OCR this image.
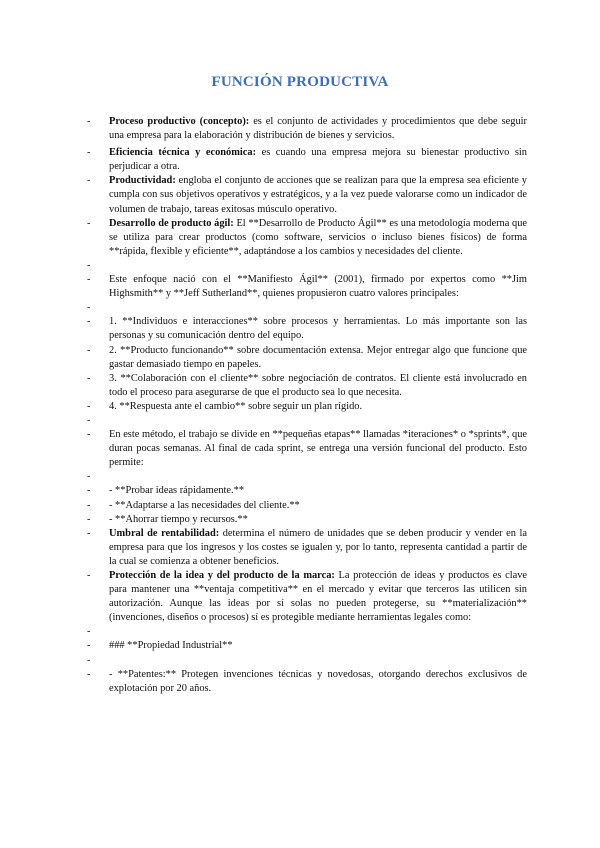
FUNCIÓN PRODUCTIVA
-	Proceso productivo (concepto): es el conjunto de actividades y procedimientos que debe seguir una empresa para la elaboración y distribución de bienes y servicios.
-	Eficiencia técnica y económica: es cuando una empresa mejora su bienestar productivo sin perjudicar a otra.
-	Productividad: engloba el conjunto de acciones que se realizan para que la empresa sea eficiente y cumpla con sus objetivos operativos y estratégicos, y a la vez puede valorarse como un indicador de volumen de trabajo, tareas exitosas músculo operativo.
-	Desarrollo de producto ágil: El **Desarrollo de Producto Ágil** es una metodología moderna que se utiliza para crear productos (como software, servicios o incluso bienes físicos) de forma **rápida, flexible y eficiente**, adaptándose a los cambios y necesidades del cliente.
-

-	Este enfoque nació con el **Manifiesto Ágil** (2001), firmado por expertos como **Jim Highsmith** y **Jeff Sutherland**, quienes propusieron cuatro valores principales:
-

-	1. **Individuos e interacciones** sobre procesos y herramientas. Lo más importante son las personas y su comunicación dentro del equipo.
-	2. **Producto funcionando** sobre documentación extensa. Mejor entregar algo que funcione que gastar demasiado tiempo en papeles.
-	3. **Colaboración con el cliente** sobre negociación de contratos. El cliente está involucrado en todo el proceso para asegurarse de que el producto sea lo que necesita.
-	4. **Respuesta ante el cambio** sobre seguir un plan rígido.
-

-	En este método, el trabajo se divide en **pequeñas etapas** llamadas *iteraciones* o *sprints*, que duran pocas semanas. Al final de cada sprint, se entrega una versión funcional del producto. Esto permite:
-

-	- **Probar ideas rápidamente.**
-	- **Adaptarse a las necesidades del cliente.**
-	- **Ahorrar tiempo y recursos.**
-	Umbral de rentabilidad: determina el número de unidades que se deben producir y vender en la empresa para que los ingresos y los costes se igualen y, por lo tanto, representa cantidad a partir de la cual se comienza a obtener beneficios.
-	Protección de la idea y del producto de la marca: La protección de ideas y productos es clave para mantener una **ventaja competitiva** en el mercado y evitar que terceros las utilicen sin autorización. Aunque las ideas por sí solas no pueden protegerse, su **materialización** (invenciones, diseños o procesos) sí es protegible mediante herramientas legales como:
-

-	### **Propiedad Industrial**
-

-	- **Patentes:** Protegen invenciones técnicas y novedosas, otorgando derechos exclusivos de explotación por 20 años.
